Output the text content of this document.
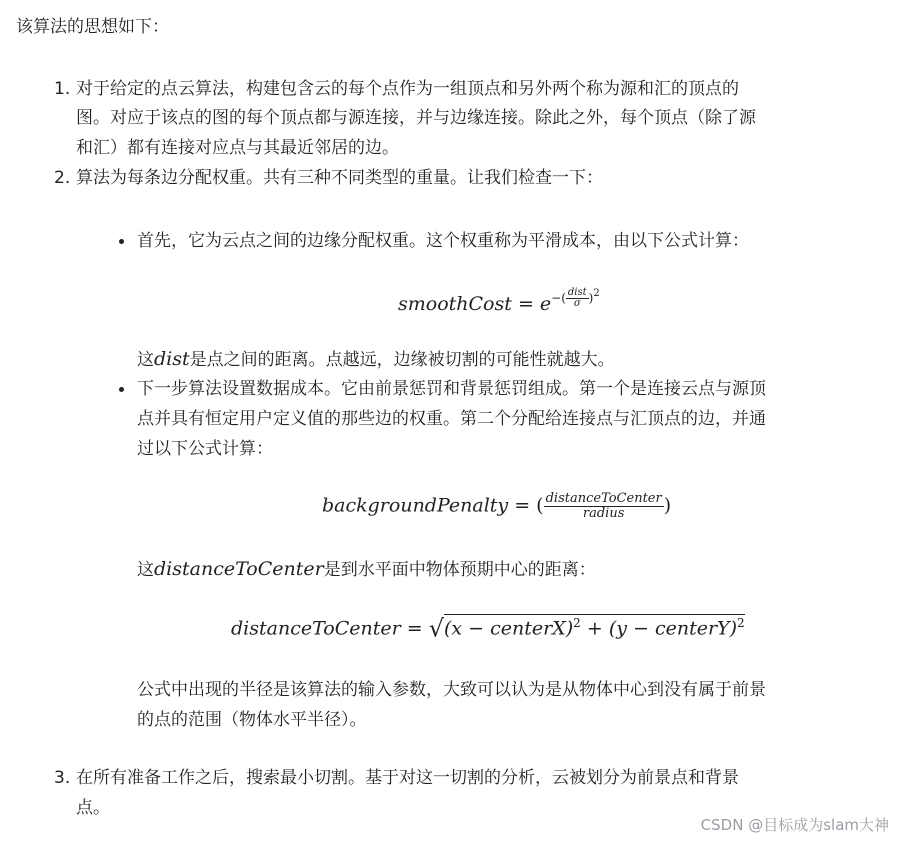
该算法的思想如下：
1. 对于给定的点云算法，构建包含云的每个点作为一组顶点和另外两个称为源和汇的顶点的
图。对应于该点的图的每个顶点都与源连接，并与边缘连接。除此之外，每个顶点（除了源
和汇）都有连接对应点与其最近邻居的边。
2. 算法为每条边分配权重。共有三种不同类型的重量。让我们检查一下：
首先，它为云点之间的边缘分配权重。这个权重称为平滑成本，由以下公式计算：
smoothCost = $e^{-( \frac{\text{dist}}{\sigma} )^2}$
这dist是点之间的距离。点越远，边缘被切割的可能性就越大。
下一步算法设置数据成本。它由前景惩罚和背景惩罚组成。第一个是连接云点与源顶
点并具有恒定用户定义值的那些边的权重。第二个分配给连接点与汇顶点的边，并通
过以下公式计算：
backgroundPenalty = ( $\frac{\text{distanceToCenter}}{\text{radius}}$ )
这distanceToCenter是到水平面中物体预期中心的距离：
distanceToCenter = √(x − centerX)$^2$ + (y − centerY)$^2$
公式中出现的半径是该算法的输入参数，大致可以认为是从物体中心到没有属于前景
的点的范围（物体水平半径）。
3. 在所有准备工作之后，搜索最小切割。基于对这一切割的分析，云被划分为前景点和背景
点。
CSDN @目标成为slam大神
